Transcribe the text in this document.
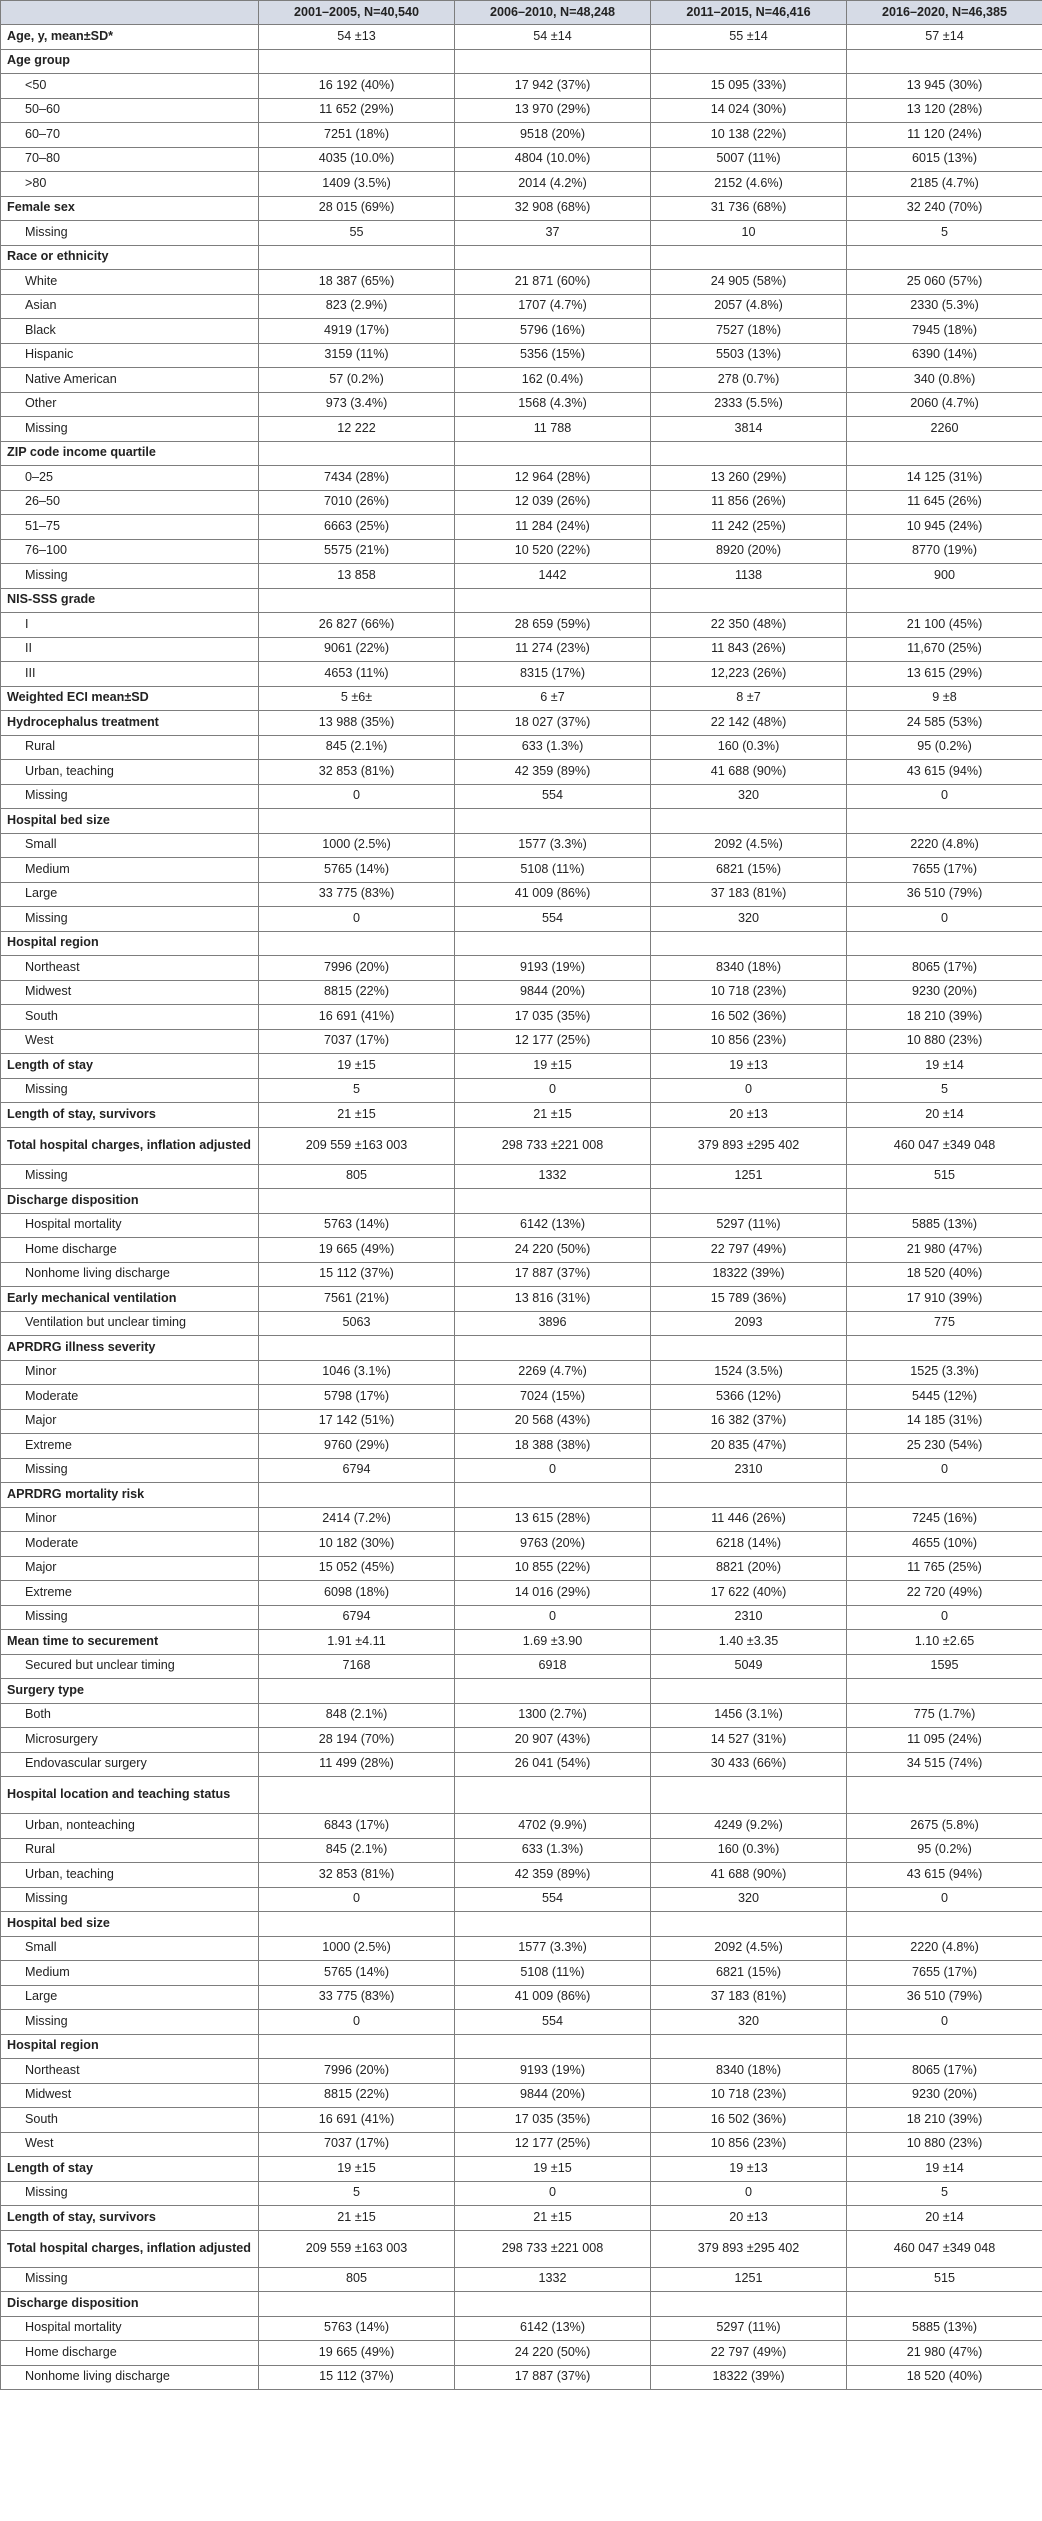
	2001–2005, N=40,540	2006–2010, N=48,248	2011–2015, N=46,416	2016–2020, N=46,385
Age, y, mean±SD*	54 ±13	54 ±14	55 ±14	57 ±14
Age group				
<50	16 192 (40%)	17 942 (37%)	15 095 (33%)	13 945 (30%)
50–60	11 652 (29%)	13 970 (29%)	14 024 (30%)	13 120 (28%)
60–70	7251 (18%)	9518 (20%)	10 138 (22%)	11 120 (24%)
70–80	4035 (10.0%)	4804 (10.0%)	5007 (11%)	6015 (13%)
>80	1409 (3.5%)	2014 (4.2%)	2152 (4.6%)	2185 (4.7%)
Female sex	28 015 (69%)	32 908 (68%)	31 736 (68%)	32 240 (70%)
Missing	55	37	10	5
Race or ethnicity				
White	18 387 (65%)	21 871 (60%)	24 905 (58%)	25 060 (57%)
Asian	823 (2.9%)	1707 (4.7%)	2057 (4.8%)	2330 (5.3%)
Black	4919 (17%)	5796 (16%)	7527 (18%)	7945 (18%)
Hispanic	3159 (11%)	5356 (15%)	5503 (13%)	6390 (14%)
Native American	57 (0.2%)	162 (0.4%)	278 (0.7%)	340 (0.8%)
Other	973 (3.4%)	1568 (4.3%)	2333 (5.5%)	2060 (4.7%)
Missing	12 222	11 788	3814	2260
ZIP code income quartile				
0–25	7434 (28%)	12 964 (28%)	13 260 (29%)	14 125 (31%)
26–50	7010 (26%)	12 039 (26%)	11 856 (26%)	11 645 (26%)
51–75	6663 (25%)	11 284 (24%)	11 242 (25%)	10 945 (24%)
76–100	5575 (21%)	10 520 (22%)	8920 (20%)	8770 (19%)
Missing	13 858	1442	1138	900
NIS-SSS grade				
I	26 827 (66%)	28 659 (59%)	22 350 (48%)	21 100 (45%)
II	9061 (22%)	11 274 (23%)	11 843 (26%)	11,670 (25%)
III	4653 (11%)	8315 (17%)	12,223 (26%)	13 615 (29%)
Weighted ECI mean±SD	5 ±6±	6 ±7	8 ±7	9 ±8
Hydrocephalus treatment	13 988 (35%)	18 027 (37%)	22 142 (48%)	24 585 (53%)
Rural	845 (2.1%)	633 (1.3%)	160 (0.3%)	95 (0.2%)
Urban, teaching	32 853 (81%)	42 359 (89%)	41 688 (90%)	43 615 (94%)
Missing	0	554	320	0
Hospital bed size				
Small	1000 (2.5%)	1577 (3.3%)	2092 (4.5%)	2220 (4.8%)
Medium	5765 (14%)	5108 (11%)	6821 (15%)	7655 (17%)
Large	33 775 (83%)	41 009 (86%)	37 183 (81%)	36 510 (79%)
Missing	0	554	320	0
Hospital region				
Northeast	7996 (20%)	9193 (19%)	8340 (18%)	8065 (17%)
Midwest	8815 (22%)	9844 (20%)	10 718 (23%)	9230 (20%)
South	16 691 (41%)	17 035 (35%)	16 502 (36%)	18 210 (39%)
West	7037 (17%)	12 177 (25%)	10 856 (23%)	10 880 (23%)
Length of stay	19 ±15	19 ±15	19 ±13	19 ±14
Missing	5	0	0	5
Length of stay, survivors	21 ±15	21 ±15	20 ±13	20 ±14
Total hospital charges, inflation adjusted	209 559 ±163 003	298 733 ±221 008	379 893 ±295 402	460 047 ±349 048
Missing	805	1332	1251	515
Discharge disposition				
Hospital mortality	5763 (14%)	6142 (13%)	5297 (11%)	5885 (13%)
Home discharge	19 665 (49%)	24 220 (50%)	22 797 (49%)	21 980 (47%)
Nonhome living discharge	15 112 (37%)	17 887 (37%)	18322 (39%)	18 520 (40%)
Early mechanical ventilation	7561 (21%)	13 816 (31%)	15 789 (36%)	17 910 (39%)
Ventilation but unclear timing	5063	3896	2093	775
APRDRG illness severity				
Minor	1046 (3.1%)	2269 (4.7%)	1524 (3.5%)	1525 (3.3%)
Moderate	5798 (17%)	7024 (15%)	5366 (12%)	5445 (12%)
Major	17 142 (51%)	20 568 (43%)	16 382 (37%)	14 185 (31%)
Extreme	9760 (29%)	18 388 (38%)	20 835 (47%)	25 230 (54%)
Missing	6794	0	2310	0
APRDRG mortality risk				
Minor	2414 (7.2%)	13 615 (28%)	11 446 (26%)	7245 (16%)
Moderate	10 182 (30%)	9763 (20%)	6218 (14%)	4655 (10%)
Major	15 052 (45%)	10 855 (22%)	8821 (20%)	11 765 (25%)
Extreme	6098 (18%)	14 016 (29%)	17 622 (40%)	22 720 (49%)
Missing	6794	0	2310	0
Mean time to securement	1.91 ±4.11	1.69 ±3.90	1.40 ±3.35	1.10 ±2.65
Secured but unclear timing	7168	6918	5049	1595
Surgery type				
Both	848 (2.1%)	1300 (2.7%)	1456 (3.1%)	775 (1.7%)
Microsurgery	28 194 (70%)	20 907 (43%)	14 527 (31%)	11 095 (24%)
Endovascular surgery	11 499 (28%)	26 041 (54%)	30 433 (66%)	34 515 (74%)
Hospital location and teaching status				
Urban, nonteaching	6843 (17%)	4702 (9.9%)	4249 (9.2%)	2675 (5.8%)
Rural	845 (2.1%)	633 (1.3%)	160 (0.3%)	95 (0.2%)
Urban, teaching	32 853 (81%)	42 359 (89%)	41 688 (90%)	43 615 (94%)
Missing	0	554	320	0
Hospital bed size				
Small	1000 (2.5%)	1577 (3.3%)	2092 (4.5%)	2220 (4.8%)
Medium	5765 (14%)	5108 (11%)	6821 (15%)	7655 (17%)
Large	33 775 (83%)	41 009 (86%)	37 183 (81%)	36 510 (79%)
Missing	0	554	320	0
Hospital region				
Northeast	7996 (20%)	9193 (19%)	8340 (18%)	8065 (17%)
Midwest	8815 (22%)	9844 (20%)	10 718 (23%)	9230 (20%)
South	16 691 (41%)	17 035 (35%)	16 502 (36%)	18 210 (39%)
West	7037 (17%)	12 177 (25%)	10 856 (23%)	10 880 (23%)
Length of stay	19 ±15	19 ±15	19 ±13	19 ±14
Missing	5	0	0	5
Length of stay, survivors	21 ±15	21 ±15	20 ±13	20 ±14
Total hospital charges, inflation adjusted	209 559 ±163 003	298 733 ±221 008	379 893 ±295 402	460 047 ±349 048
Missing	805	1332	1251	515
Discharge disposition				
Hospital mortality	5763 (14%)	6142 (13%)	5297 (11%)	5885 (13%)
Home discharge	19 665 (49%)	24 220 (50%)	22 797 (49%)	21 980 (47%)
Nonhome living discharge	15 112 (37%)	17 887 (37%)	18322 (39%)	18 520 (40%)
